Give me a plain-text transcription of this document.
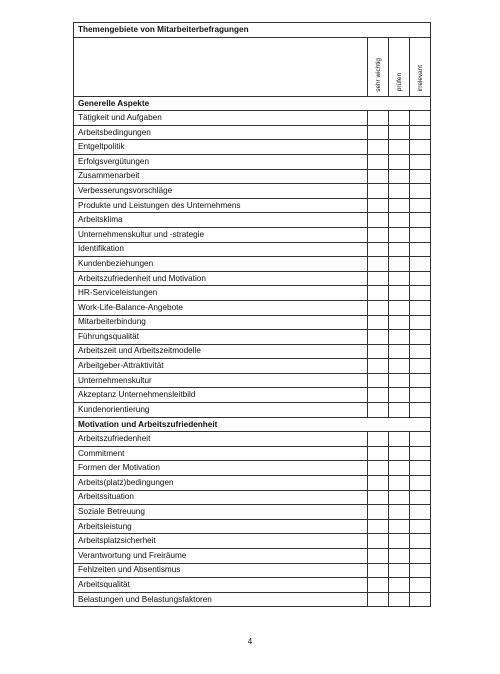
Themengebiete von Mitarbeiterbefragungen			
	sehr wichtig	prüfen	irrelevant
Generelle Aspekte			
Tätigkeit und Aufgaben			
Arbeitsbedingungen			
Entgeltpolitik			
Erfolgsvergütungen			
Zusammenarbeit			
Verbesserungsvorschläge			
Produkte und Leistungen des Unternehmens			
Arbeitsklima			
Unternehmenskultur und -strategie			
Identifikation			
Kundenbeziehungen			
Arbeitszufriedenheit und Motivation			
HR-Serviceleistungen			
Work-Life-Balance-Angebote			
Mitarbeiterbindung			
Führungsqualität			
Arbeitszeit und Arbeitszeitmodelle			
Arbeitgeber-Attraktivität			
Unternehmenskultur			
Akzeptanz Unternehmensleitbild			
Kundenorientierung			
Motivation und Arbeitszufriedenheit			
Arbeitszufriedenheit			
Commitment			
Formen der Motivation			
Arbeits(platz)bedingungen			
Arbeitssituation			
Soziale Betreuung			
Arbeitsleistung			
Arbeitsplatzsicherheit			
Verantwortung und Freiräume			
Fehlzeiten und Absentismus			
Arbeitsqualität			
Belastungen und Belastungsfaktoren			
4
